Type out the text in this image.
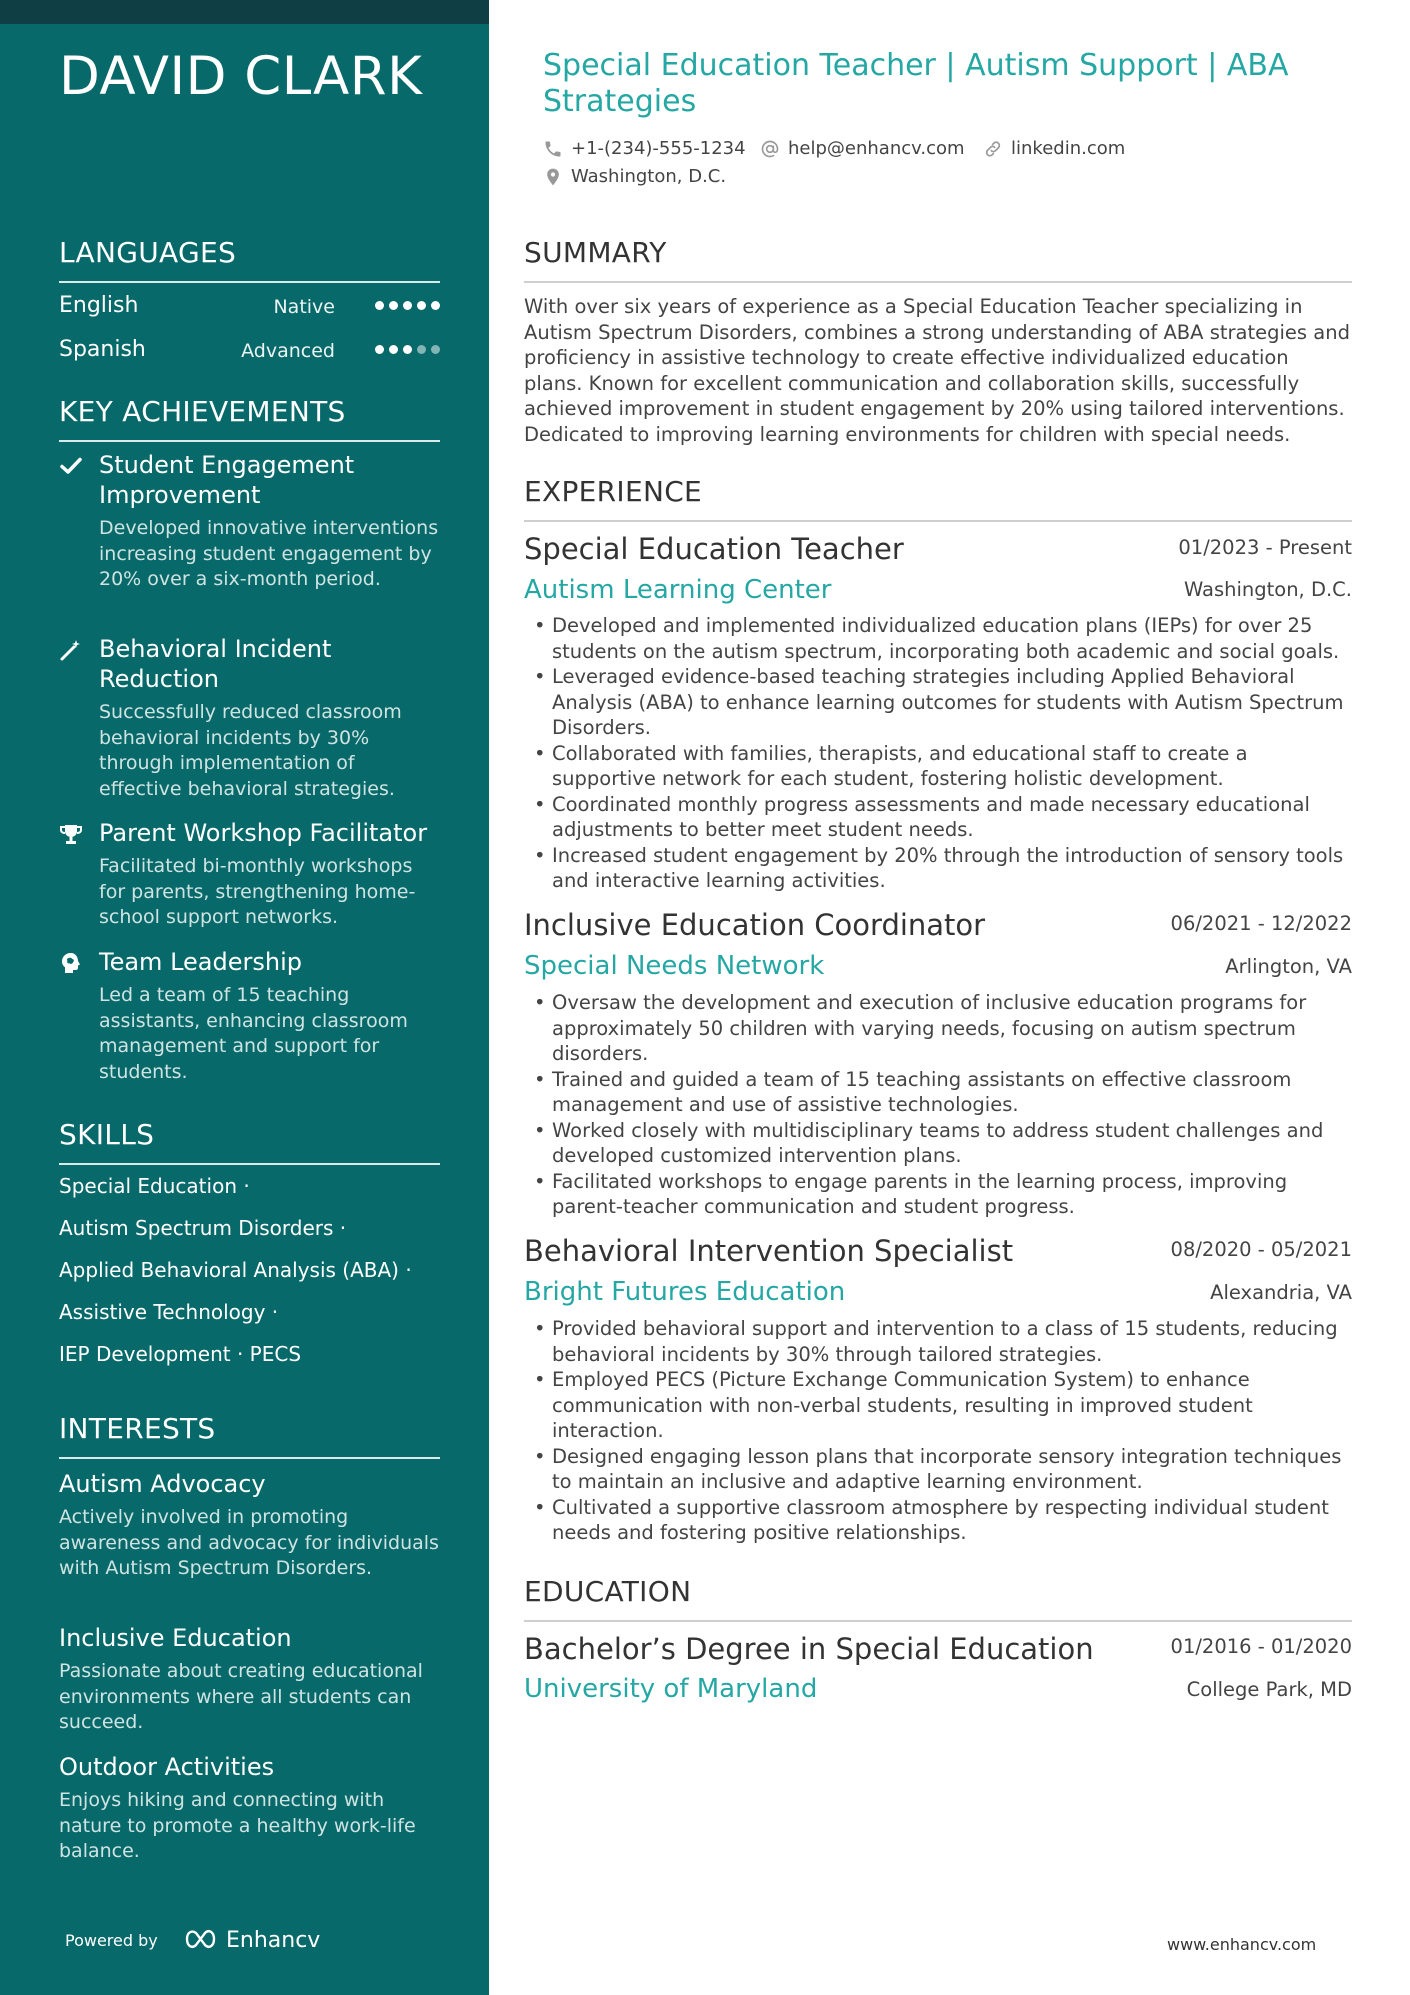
DAVID CLARK
LANGUAGES
English	Native
Spanish	Advanced
KEY ACHIEVEMENTS
Student Engagement Improvement
Developed innovative interventions increasing student engagement by 20% over a six-month period.
Behavioral Incident Reduction
Successfully reduced classroom behavioral incidents by 30% through implementation of effective behavioral strategies.
Parent Workshop Facilitator
Facilitated bi-monthly workshops for parents, strengthening home-school support networks.
Team Leadership
Led a team of 15 teaching assistants, enhancing classroom management and support for students.
SKILLS
Special Education ·
Autism Spectrum Disorders ·
Applied Behavioral Analysis (ABA) ·
Assistive Technology ·
IEP Development · PECS
INTERESTS
Autism Advocacy
Actively involved in promoting awareness and advocacy for individuals with Autism Spectrum Disorders.
Inclusive Education
Passionate about creating educational environments where all students can succeed.
Outdoor Activities
Enjoys hiking and connecting with nature to promote a healthy work-life balance.
Powered by	Enhancv
Special Education Teacher | Autism Support | ABA Strategies
+1-(234)-555-1234 help@enhancv.com	linkedin.com
Washington, D.C.
SUMMARY
With over six years of experience as a Special Education Teacher specializing in Autism Spectrum Disorders, combines a strong understanding of ABA strategies and proficiency in assistive technology to create effective individualized education plans. Known for excellent communication and collaboration skills, successfully achieved improvement in student engagement by 20% using tailored interventions. Dedicated to improving learning environments for children with special needs.
EXPERIENCE
Special Education Teacher	01/2023 - Present
Autism Learning Center	Washington, D.C.
• Developed and implemented individualized education plans (IEPs) for over 25 students on the autism spectrum, incorporating both academic and social goals.
• Leveraged evidence-based teaching strategies including Applied Behavioral Analysis (ABA) to enhance learning outcomes for students with Autism Spectrum Disorders.
• Collaborated with families, therapists, and educational staff to create a supportive network for each student, fostering holistic development.
• Coordinated monthly progress assessments and made necessary educational adjustments to better meet student needs.
• Increased student engagement by 20% through the introduction of sensory tools and interactive learning activities.
Inclusive Education Coordinator	06/2021 - 12/2022
Special Needs Network	Arlington, VA
• Oversaw the development and execution of inclusive education programs for approximately 50 children with varying needs, focusing on autism spectrum disorders.
• Trained and guided a team of 15 teaching assistants on effective classroom management and use of assistive technologies.
• Worked closely with multidisciplinary teams to address student challenges and developed customized intervention plans.
• Facilitated workshops to engage parents in the learning process, improving parent-teacher communication and student progress.
Behavioral Intervention Specialist	08/2020 - 05/2021
Bright Futures Education	Alexandria, VA
• Provided behavioral support and intervention to a class of 15 students, reducing behavioral incidents by 30% through tailored strategies.
• Employed PECS (Picture Exchange Communication System) to enhance communication with non-verbal students, resulting in improved student interaction.
• Designed engaging lesson plans that incorporate sensory integration techniques to maintain an inclusive and adaptive learning environment.
• Cultivated a supportive classroom atmosphere by respecting individual student needs and fostering positive relationships.
EDUCATION
Bachelor’s Degree in Special Education	01/2016 - 01/2020
University of Maryland	College Park, MD
www.enhancv.com
